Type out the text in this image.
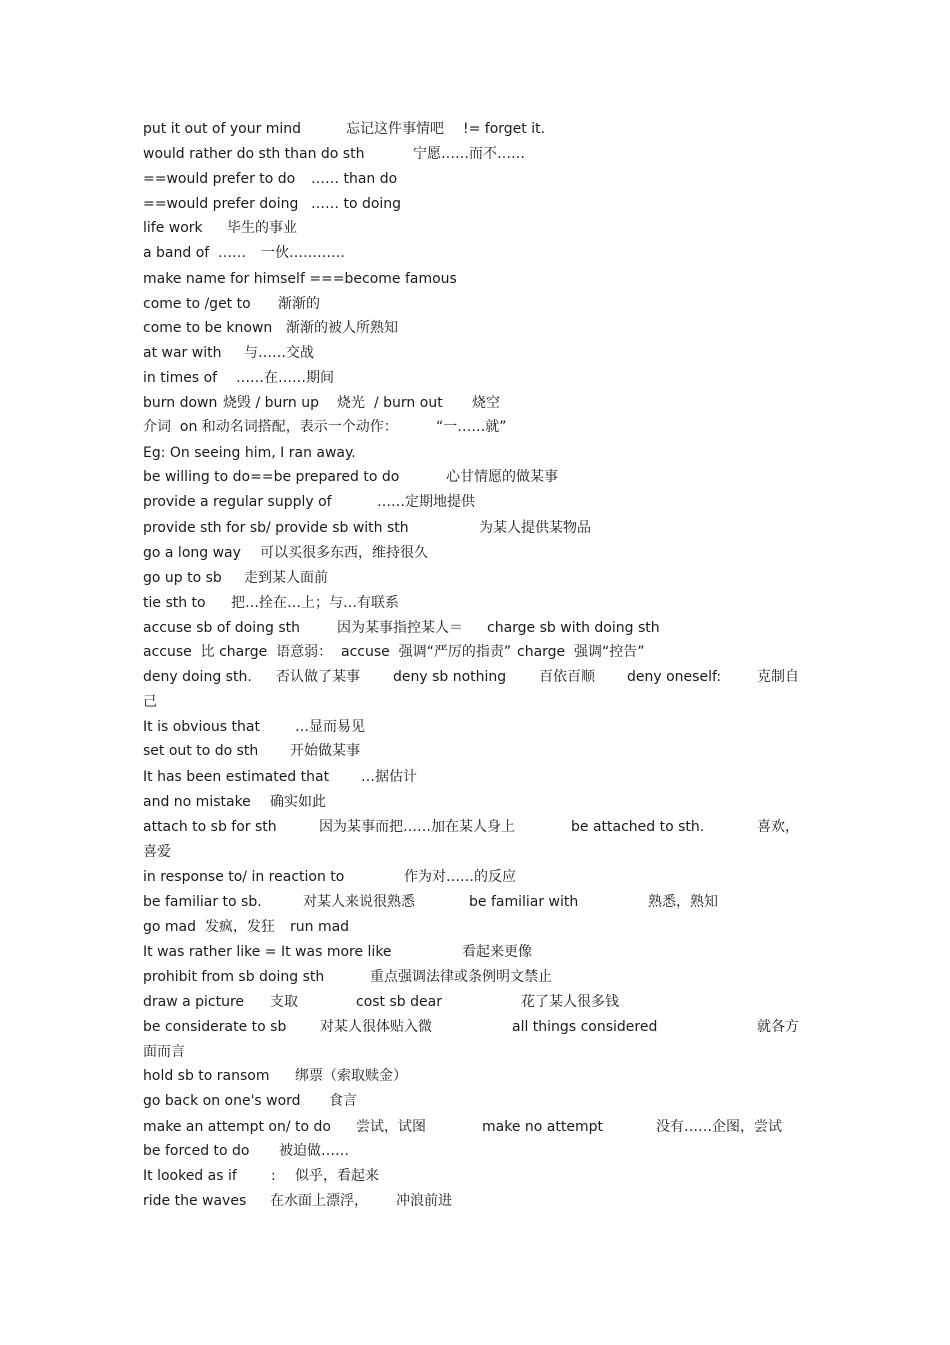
put it out of your mind	忘记这件事情吧 != forget it.
would rather do sth than do sth	宁愿……而不……
==would prefer to do …… than do
==would prefer doing …… to doing
life work 毕生的事业
a band of …… 一伙…………
make name for himself ===become famous
come to /get to 渐渐的
come to be known 渐渐的被人所熟知
at war with 与……交战
in times of ……在……期间
burn down 烧毁 / burn up 烧光 / burn out 烧空
介词  on 和动名词搭配，表示一个动作：	“一……就”
Eg: On seeing him, I ran away.
be willing to do==be prepared to do	心甘情愿的做某事
provide a regular supply of	……定期地提供
provide sth for sb/ provide sb with sth	为某人提供某物品
go a long way 可以买很多东西，维持很久
go up to sb 走到某人面前
tie sth to 把…拴在…上；与…有联系
accuse sb of doing sth	因为某事指控某人＝ charge sb with doing sth
accuse  比 charge  语意弱： accuse  强调“严厉的指责” charge  强调“控告”
deny doing sth. 否认做了某事 deny sb nothing 百依百顺 deny oneself:	克制自
己
It is obvious that	…显而易见
set out to do sth 开始做某事
It has been estimated that …据估计
and no mistake 确实如此
attach to sb for sth	因为某事而把……加在某人身上	be attached to sth.	喜欢，
喜爱
in response to/ in reaction to	作为对……的反应
be familiar to sb.	对某人来说很熟悉	be familiar with	熟悉，熟知
go mad  发疯，发狂 run mad
It was rather like = It was more like	看起来更像
prohibit from sb doing sth	重点强调法律或条例明文禁止
draw a picture 支取	cost sb dear	花了某人很多钱
be considerate to sb 对某人很体贴入微	all things considered	就各方
面而言
hold sb to ransom 绑票（索取赎金）
go back on one's word 食言
make an attempt on/ to do 尝试，试图	make no attempt	没有……企图，尝试
be forced to do 被迫做……
It looked as if : 似乎，看起来
ride the waves 在水面上漂浮， 冲浪前进
